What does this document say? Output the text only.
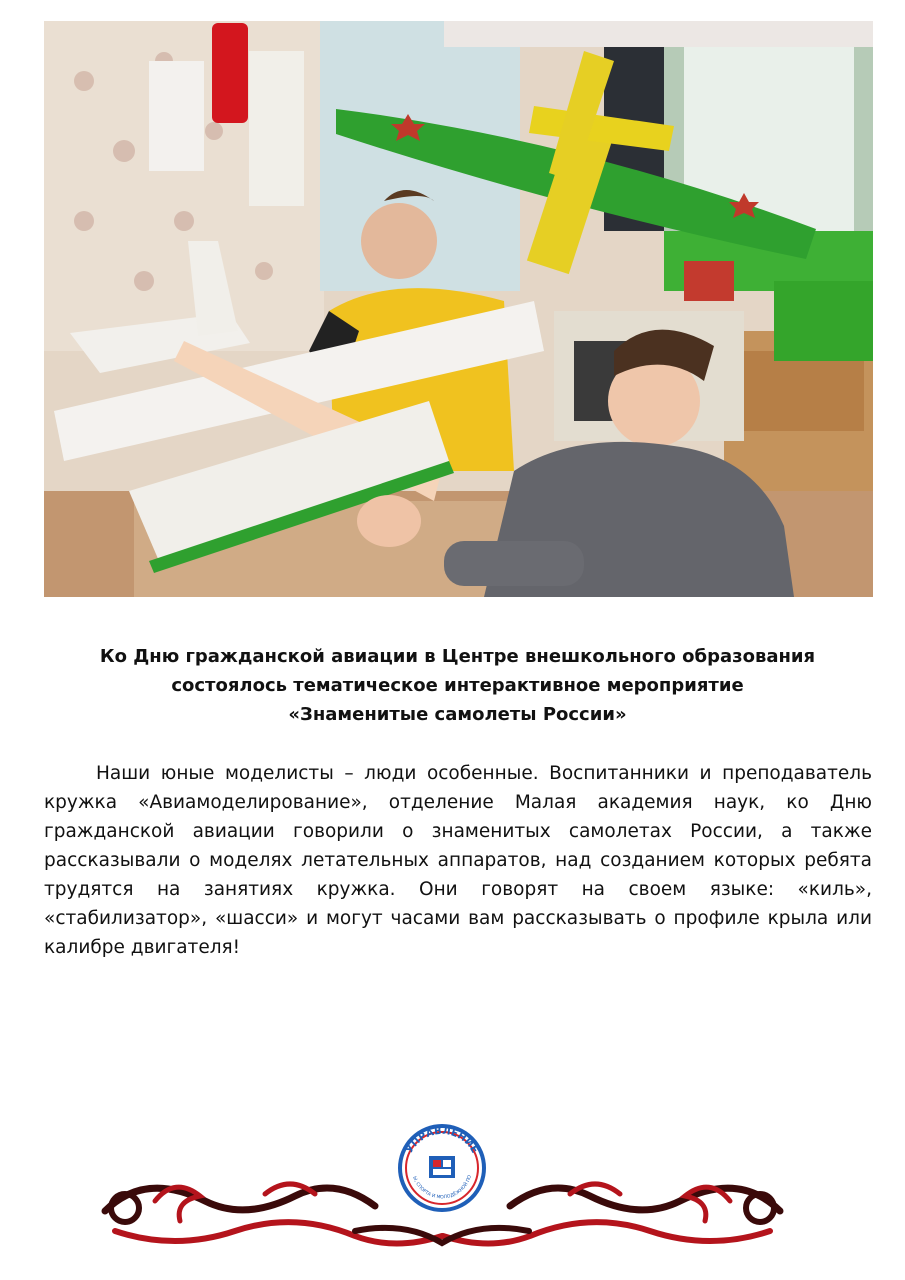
Ко Дню гражданской авиации в Центре внешкольного образования
состоялось тематическое интерактивное мероприятие
«Знаменитые самолеты России»
Наши юные моделисты – люди особенные. Воспитанники и преподаватель кружка «Авиамоделирование», отделение Малая академия наук, ко Дню гражданской авиации говорили о знаменитых самолетах России, а также рассказывали о моделях летательных аппаратов, над созданием которых ребята трудятся на занятиях кружка. Они говорят на своем языке: «киль», «стабилизатор», «шасси» и могут часами вам рассказывать о профиле крыла или калибре двигателя!
УПРАВЛЕНИЕ
Ы, СПОРТА И МОЛОДЁЖНОЙ ПО
